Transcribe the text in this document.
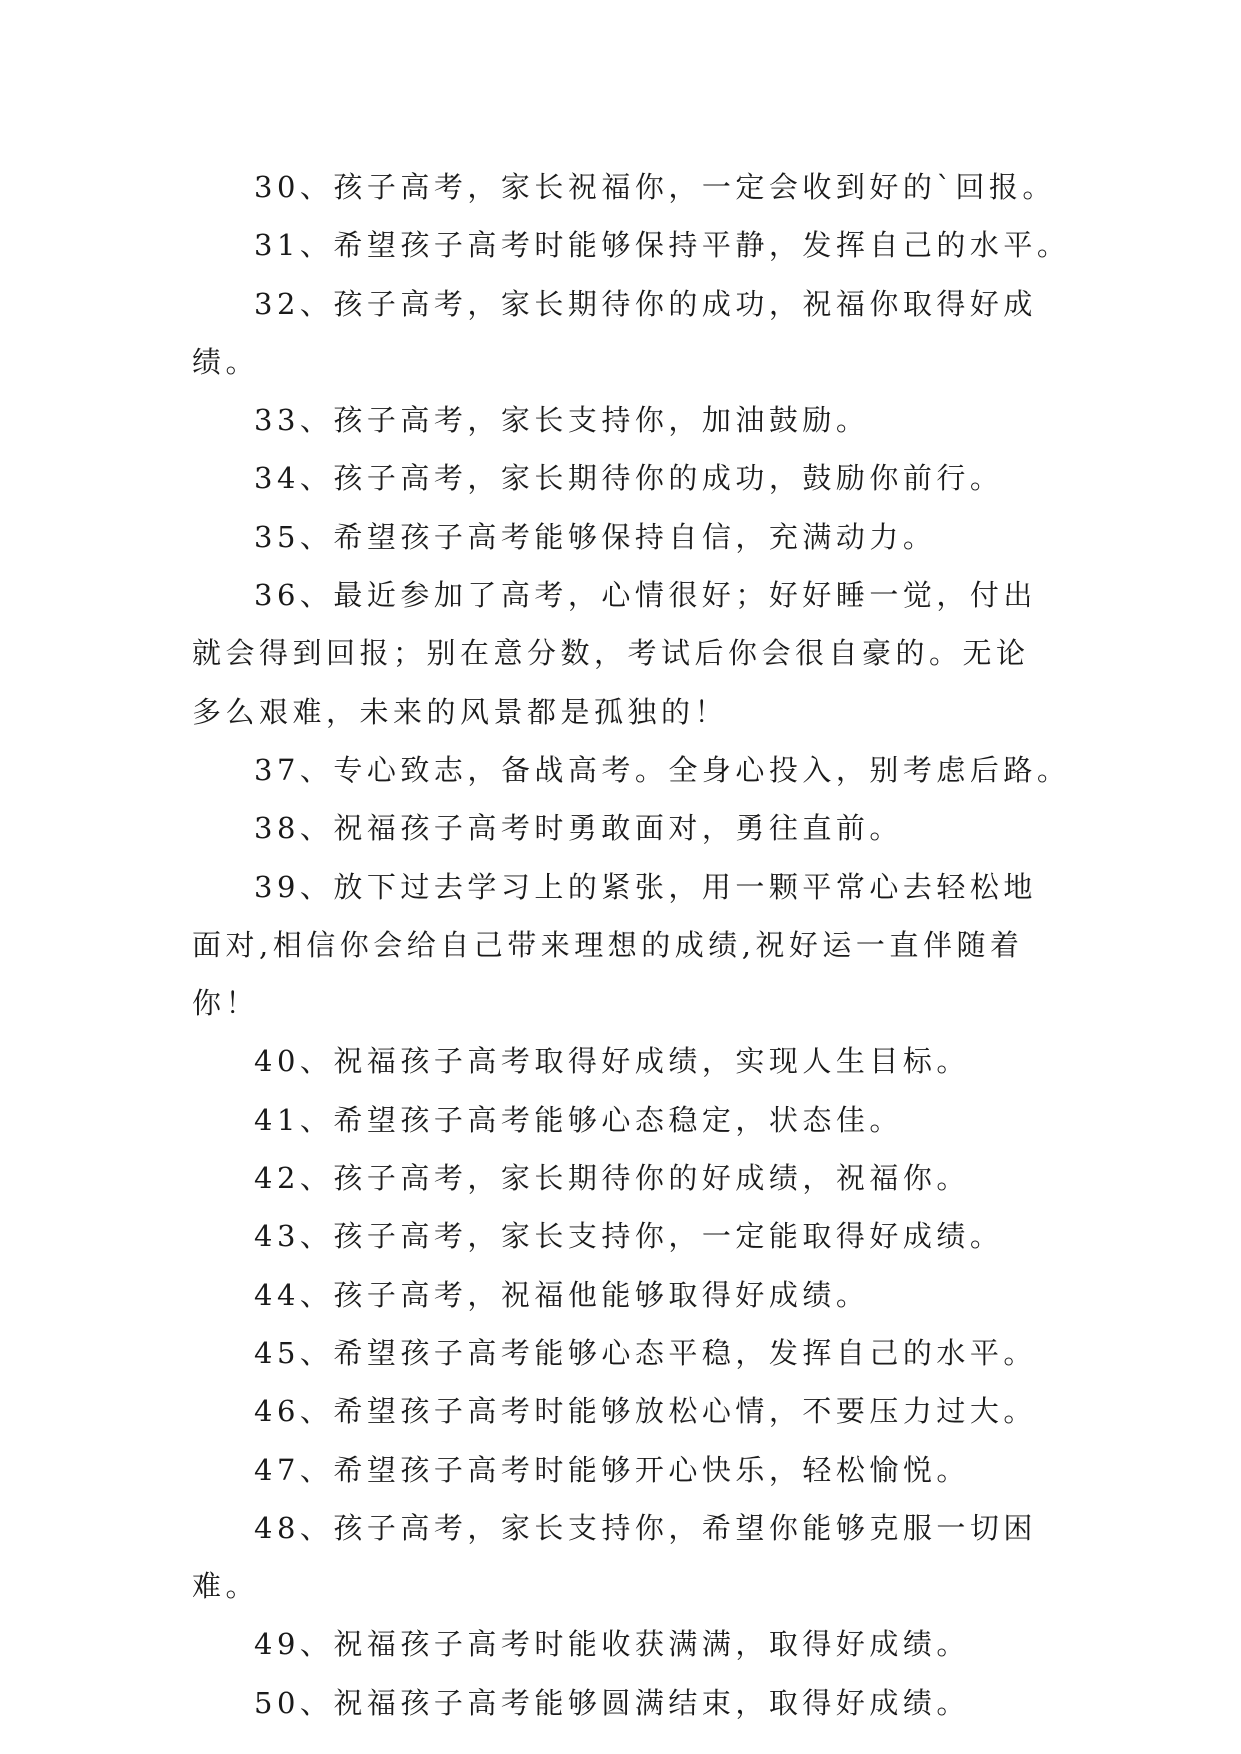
30、孩子高考，家长祝福你，一定会收到好的`回报。

31、希望孩子高考时能够保持平静，发挥自己的水平。

32、孩子高考，家长期待你的成功，祝福你取得好成绩。

33、孩子高考，家长支持你，加油鼓励。

34、孩子高考，家长期待你的成功，鼓励你前行。

35、希望孩子高考能够保持自信，充满动力。

36、最近参加了高考，心情很好；好好睡一觉，付出就会得到回报；别在意分数，考试后你会很自豪的。无论多么艰难，未来的风景都是孤独的！

37、专心致志，备战高考。全身心投入，别考虑后路。

38、祝福孩子高考时勇敢面对，勇往直前。

39、放下过去学习上的紧张，用一颗平常心去轻松地面对,相信你会给自己带来理想的成绩,祝好运一直伴随着你！

40、祝福孩子高考取得好成绩，实现人生目标。

41、希望孩子高考能够心态稳定，状态佳。

42、孩子高考，家长期待你的好成绩，祝福你。

43、孩子高考，家长支持你，一定能取得好成绩。

44、孩子高考，祝福他能够取得好成绩。

45、希望孩子高考能够心态平稳，发挥自己的水平。

46、希望孩子高考时能够放松心情，不要压力过大。

47、希望孩子高考时能够开心快乐，轻松愉悦。

48、孩子高考，家长支持你，希望你能够克服一切困难。

49、祝福孩子高考时能收获满满，取得好成绩。

50、祝福孩子高考能够圆满结束，取得好成绩。
